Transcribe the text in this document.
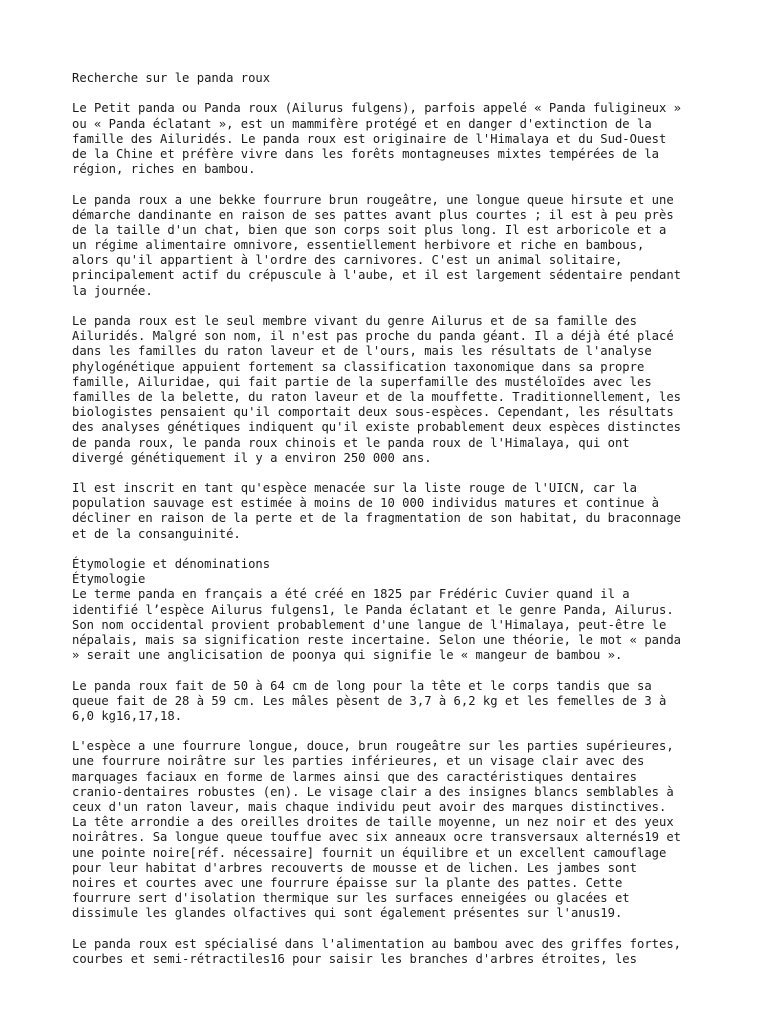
Recherche sur le panda roux
Le Petit panda ou Panda roux (Ailurus fulgens), parfois appelé « Panda fuligineux »
ou « Panda éclatant », est un mammifère protégé et en danger d'extinction de la
famille des Ailuridés. Le panda roux est originaire de l'Himalaya et du Sud-Ouest
de la Chine et préfère vivre dans les forêts montagneuses mixtes tempérées de la
région, riches en bambou.
Le panda roux a une bekke fourrure brun rougeâtre, une longue queue hirsute et une
démarche dandinante en raison de ses pattes avant plus courtes ; il est à peu près
de la taille d'un chat, bien que son corps soit plus long. Il est arboricole et a
un régime alimentaire omnivore, essentiellement herbivore et riche en bambous,
alors qu'il appartient à l'ordre des carnivores. C'est un animal solitaire,
principalement actif du crépuscule à l'aube, et il est largement sédentaire pendant
la journée.
Le panda roux est le seul membre vivant du genre Ailurus et de sa famille des
Ailuridés. Malgré son nom, il n'est pas proche du panda géant. Il a déjà été placé
dans les familles du raton laveur et de l'ours, mais les résultats de l'analyse
phylogénétique appuient fortement sa classification taxonomique dans sa propre
famille, Ailuridae, qui fait partie de la superfamille des mustéloïdes avec les
familles de la belette, du raton laveur et de la mouffette. Traditionnellement, les
biologistes pensaient qu'il comportait deux sous-espèces. Cependant, les résultats
des analyses génétiques indiquent qu'il existe probablement deux espèces distinctes
de panda roux, le panda roux chinois et le panda roux de l'Himalaya, qui ont
divergé génétiquement il y a environ 250 000 ans.
Il est inscrit en tant qu'espèce menacée sur la liste rouge de l'UICN, car la
population sauvage est estimée à moins de 10 000 individus matures et continue à
décliner en raison de la perte et de la fragmentation de son habitat, du braconnage
et de la consanguinité.
Étymologie et dénominations
Étymologie
Le terme panda en français a été créé en 1825 par Frédéric Cuvier quand il a
identifié l’espèce Ailurus fulgens1, le Panda éclatant et le genre Panda, Ailurus.
Son nom occidental provient probablement d'une langue de l'Himalaya, peut-être le
népalais, mais sa signification reste incertaine. Selon une théorie, le mot « panda
» serait une anglicisation de poonya qui signifie le « mangeur de bambou ».
Le panda roux fait de 50 à 64 cm de long pour la tête et le corps tandis que sa
queue fait de 28 à 59 cm. Les mâles pèsent de 3,7 à 6,2 kg et les femelles de 3 à
6,0 kg16,17,18.
L'espèce a une fourrure longue, douce, brun rougeâtre sur les parties supérieures,
une fourrure noirâtre sur les parties inférieures, et un visage clair avec des
marquages faciaux en forme de larmes ainsi que des caractéristiques dentaires
cranio-dentaires robustes (en). Le visage clair a des insignes blancs semblables à
ceux d'un raton laveur, mais chaque individu peut avoir des marques distinctives.
La tête arrondie a des oreilles droites de taille moyenne, un nez noir et des yeux
noirâtres. Sa longue queue touffue avec six anneaux ocre transversaux alternés19 et
une pointe noire[réf. nécessaire] fournit un équilibre et un excellent camouflage
pour leur habitat d'arbres recouverts de mousse et de lichen. Les jambes sont
noires et courtes avec une fourrure épaisse sur la plante des pattes. Cette
fourrure sert d'isolation thermique sur les surfaces enneigées ou glacées et
dissimule les glandes olfactives qui sont également présentes sur l'anus19.
Le panda roux est spécialisé dans l'alimentation au bambou avec des griffes fortes,
courbes et semi-rétractiles16 pour saisir les branches d'arbres étroites, les
